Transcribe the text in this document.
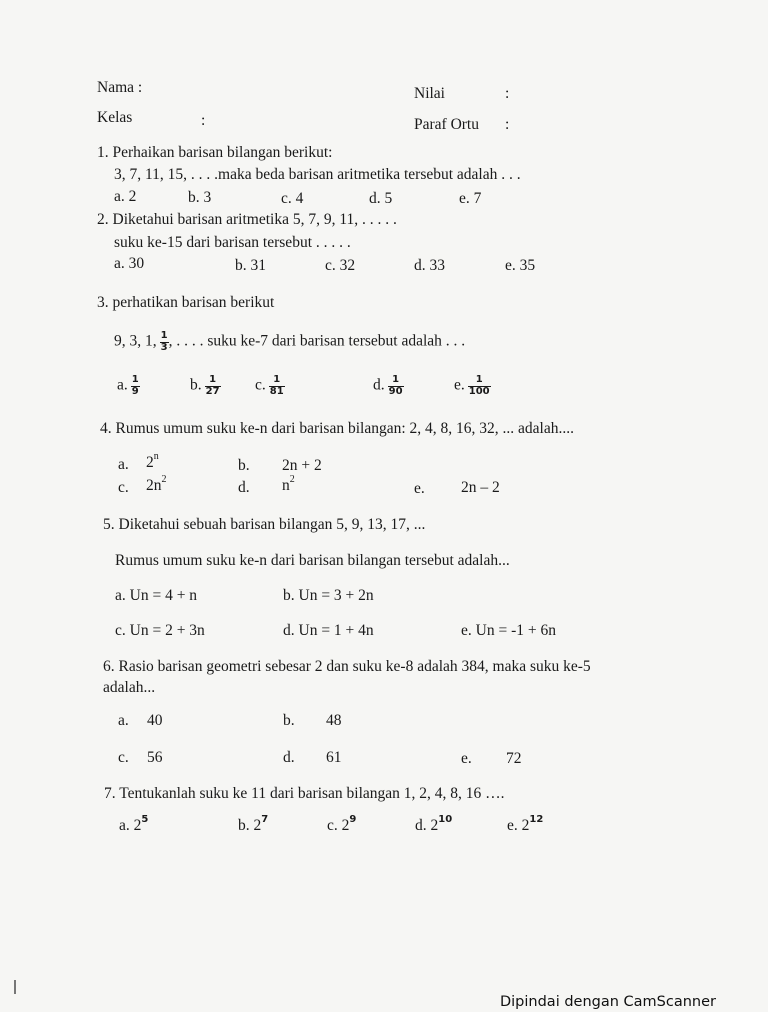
Nama :	Nilai	:
Kelas	:	Paraf Ortu :
1. Perhaikan barisan bilangan berikut:
3, 7, 11, 15, . . . .maka beda barisan aritmetika tersebut adalah . . .
a. 2	b. 3	c. 4	d. 5	e. 7
2. Diketahui barisan aritmetika 5, 7, 9, 11, . . . . .
suku ke-15 dari barisan tersebut . . . . .
a. 30	b. 31	c. 32	d. 33	e. 35
3. perhatikan barisan berikut
9, 3, 1, $\frac{1}{3}$ , . . . . suku ke-7 dari barisan tersebut adalah . . .
a. $\frac{1}{9}$	b. $\frac{1}{27} c$. $\frac{1}{81}$	d. $\frac{1}{90}$	e. $\frac{1}{100}$
4. Rumus umum suku ke-n dari barisan bilangan: 2, 4, 8, 16, 32, ... adalah....
a. 2$^n$
b. 2n + 2
c. $2n^2$	d. $n^2$
e. 2n – 2
5. Diketahui sebuah barisan bilangan 5, 9, 13, 17, ...
Rumus umum suku ke-n dari barisan bilangan tersebut adalah...
a. Un = 4 + n	b. Un = 3 + 2n
c. Un = 2 + 3n	d. Un = 1 + 4n	e. Un = -1 + 6n
6. Rasio barisan geometri sebesar 2 dan suku ke-8 adalah 384, maka suku ke-5
adalah...
a. 40	b. 48
c. 56	d. 61	e. 72
7. Tentukanlah suku ke 11 dari barisan bilangan 1, 2, 4, 8, 16 ….
a. $2^5$	b. $2^7$	c. $2^9$	d. $2^{10}$	e. $2^{12}$
Dipindai dengan CamScanner
